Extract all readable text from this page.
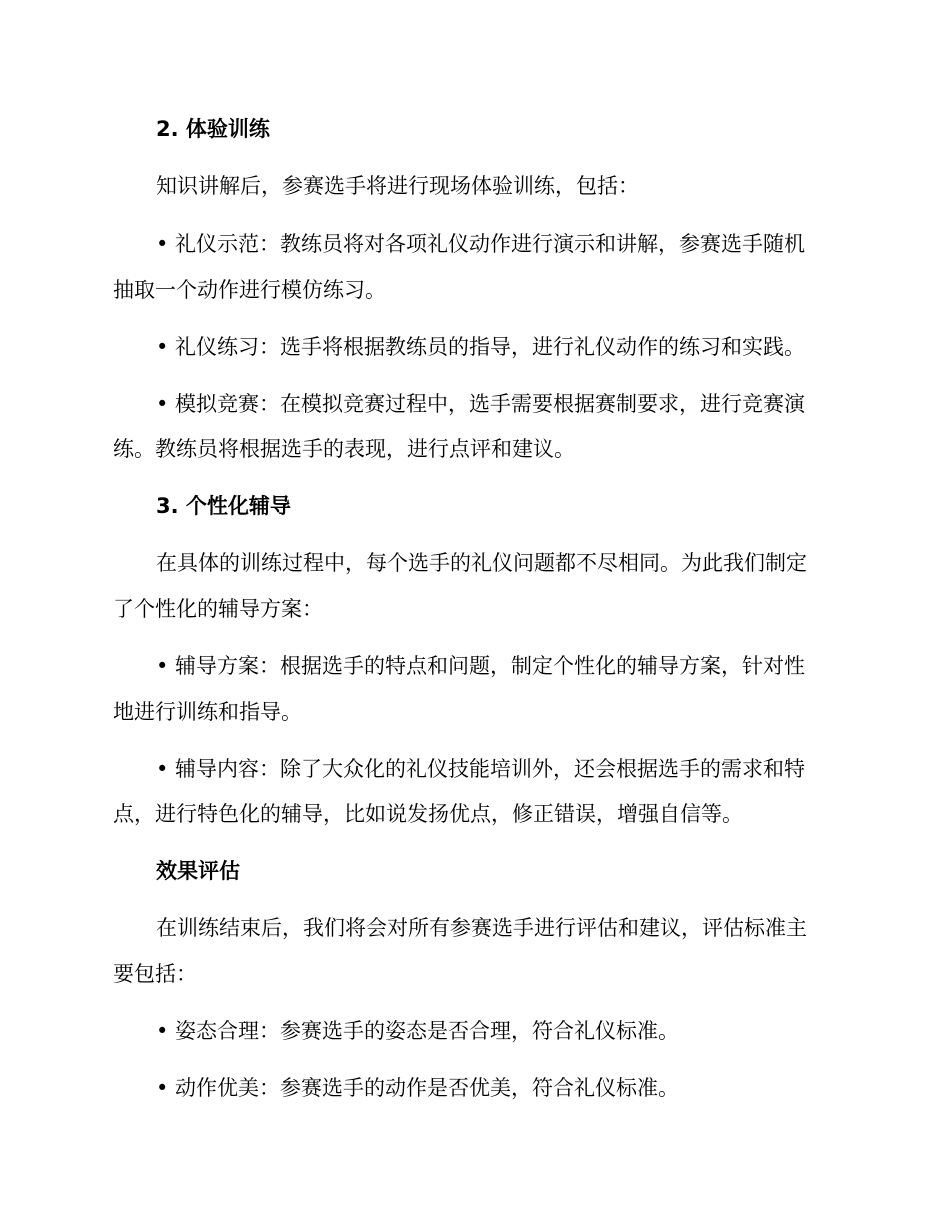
2. 体验训练
知识讲解后，参赛选手将进行现场体验训练，包括：
• 礼仪示范：教练员将对各项礼仪动作进行演示和讲解，参赛选手随机
抽取一个动作进行模仿练习。
• 礼仪练习：选手将根据教练员的指导，进行礼仪动作的练习和实践。
• 模拟竞赛：在模拟竞赛过程中，选手需要根据赛制要求，进行竞赛演
练。教练员将根据选手的表现，进行点评和建议。
3. 个性化辅导
在具体的训练过程中，每个选手的礼仪问题都不尽相同。为此我们制定
了个性化的辅导方案：
• 辅导方案：根据选手的特点和问题，制定个性化的辅导方案，针对性
地进行训练和指导。
• 辅导内容：除了大众化的礼仪技能培训外，还会根据选手的需求和特
点，进行特色化的辅导，比如说发扬优点，修正错误，增强自信等。
效果评估
在训练结束后，我们将会对所有参赛选手进行评估和建议，评估标准主
要包括：
• 姿态合理：参赛选手的姿态是否合理，符合礼仪标准。
• 动作优美：参赛选手的动作是否优美，符合礼仪标准。
